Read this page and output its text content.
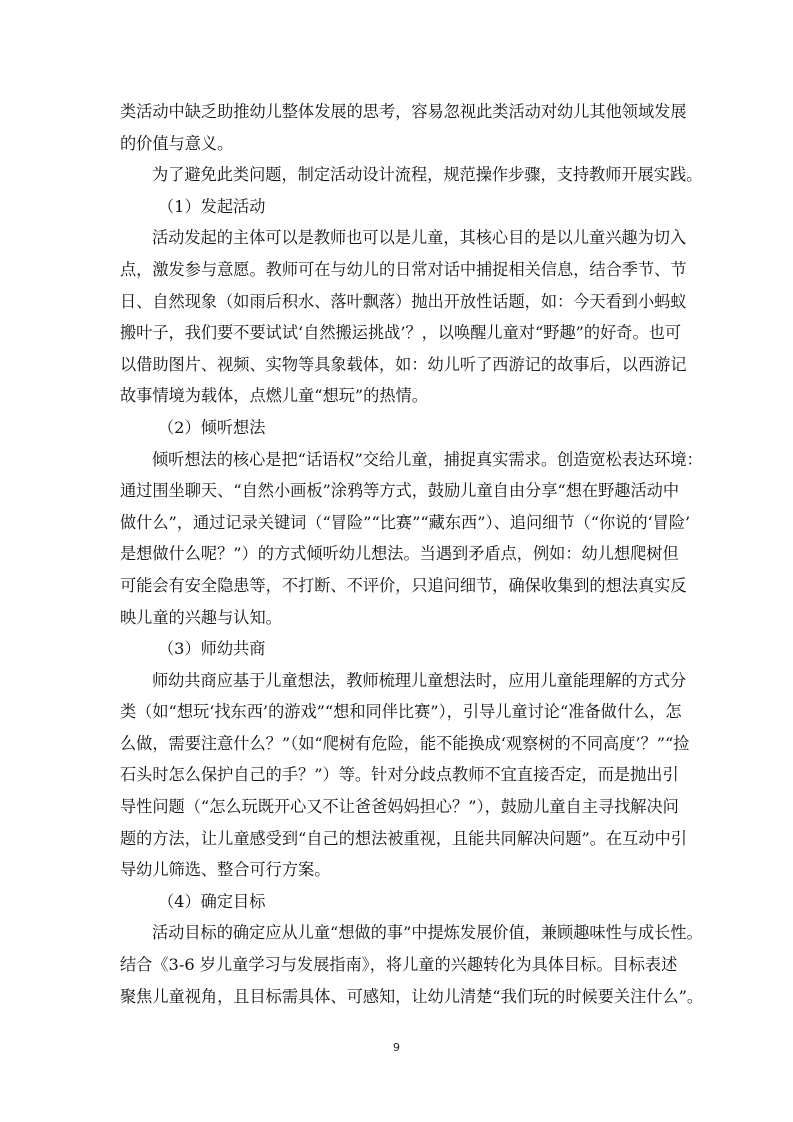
类活动中缺乏助推幼儿整体发展的思考，容易忽视此类活动对幼儿其他领域发展
的价值与意义。
为了避免此类问题，制定活动设计流程，规范操作步骤，支持教师开展实践。
（1）发起活动
活动发起的主体可以是教师也可以是儿童，其核心目的是以儿童兴趣为切入
点，激发参与意愿。教师可在与幼儿的日常对话中捕捉相关信息，结合季节、节
日、自然现象（如雨后积水、落叶飘落）抛出开放性话题，如：今天看到小蚂蚁
搬叶子，我们要不要试试‘自然搬运挑战’？，以唤醒儿童对“野趣”的好奇。也可
以借助图片、视频、实物等具象载体，如：幼儿听了西游记的故事后，以西游记
故事情境为载体，点燃儿童“想玩”的热情。
（2）倾听想法
倾听想法的核心是把“话语权”交给儿童，捕捉真实需求。创造宽松表达环境：
通过围坐聊天、“自然小画板”涂鸦等方式，鼓励儿童自由分享“想在野趣活动中
做什么”，通过记录关键词（“冒险”“比赛”“藏东西”）、追问细节（“你说的‘冒险’
是想做什么呢？”）的方式倾听幼儿想法。当遇到矛盾点，例如：幼儿想爬树但
可能会有安全隐患等，不打断、不评价，只追问细节，确保收集到的想法真实反
映儿童的兴趣与认知。
（3）师幼共商
师幼共商应基于儿童想法，教师梳理儿童想法时，应用儿童能理解的方式分
类（如“想玩‘找东西’的游戏”“想和同伴比赛”），引导儿童讨论“准备做什么，怎
么做，需要注意什么？”（如“爬树有危险，能不能换成‘观察树的不同高度’？”“捡
石头时怎么保护自己的手？”）等。针对分歧点教师不宜直接否定，而是抛出引
导性问题（“怎么玩既开心又不让爸爸妈妈担心？”），鼓励儿童自主寻找解决问
题的方法，让儿童感受到“自己的想法被重视，且能共同解决问题”。在互动中引
导幼儿筛选、整合可行方案。
（4）确定目标
活动目标的确定应从儿童“想做的事”中提炼发展价值，兼顾趣味性与成长性。
结合《3-6 岁儿童学习与发展指南》，将儿童的兴趣转化为具体目标。目标表述
聚焦儿童视角，且目标需具体、可感知，让幼儿清楚“我们玩的时候要关注什么”。
9
